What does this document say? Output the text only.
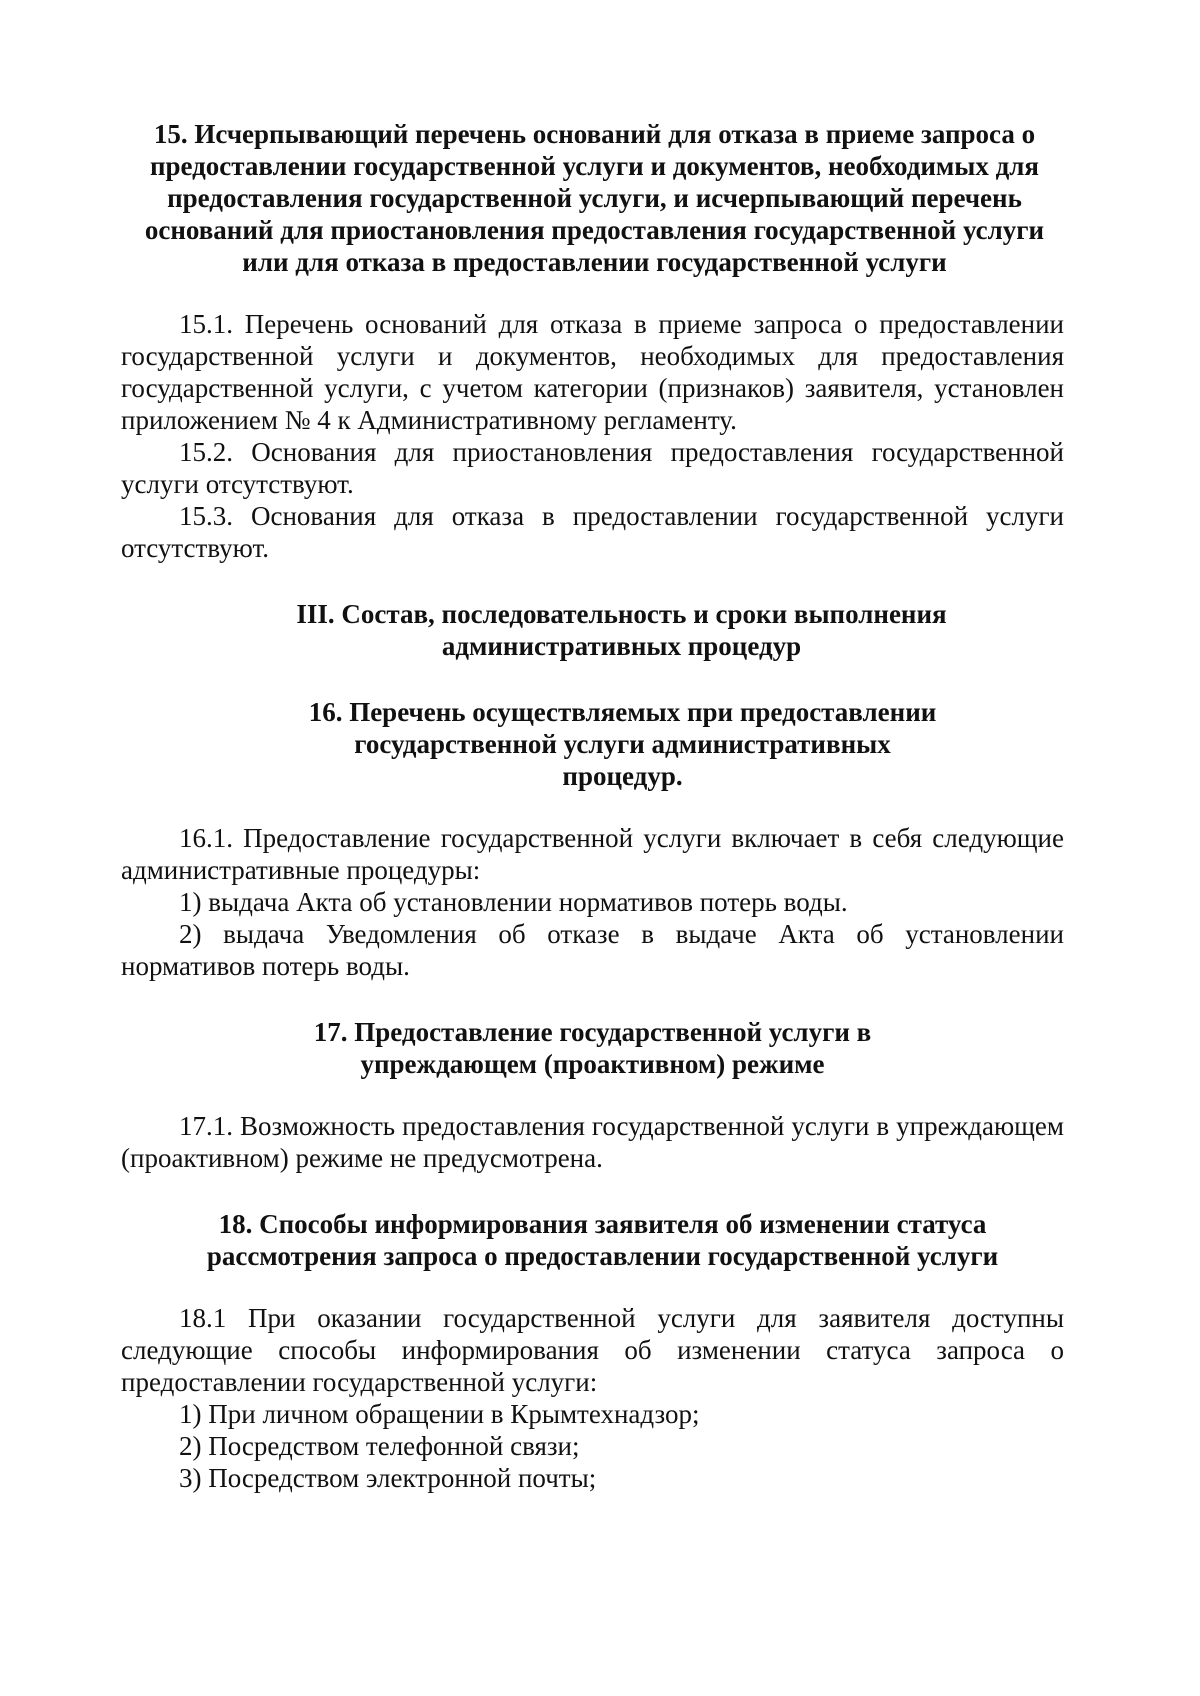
15. Исчерпывающий перечень оснований для отказа в приеме запроса о предоставлении государственной услуги и документов, необходимых для предоставления государственной услуги, и исчерпывающий перечень оснований для приостановления предоставления государственной услуги или для отказа в предоставлении государственной услуги

15.1. Перечень оснований для отказа в приеме запроса о предоставлении государственной услуги и документов, необходимых для предоставления государственной услуги, с учетом категории (признаков) заявителя, установлен приложением № 4 к Административному регламенту.

15.2. Основания для приостановления предоставления государственной услуги отсутствуют.

15.3. Основания для отказа в предоставлении государственной услуги отсутствуют.

III. Состав, последовательность и сроки выполнения административных процедур

16. Перечень осуществляемых при предоставлении государственной услуги административных процедур.

16.1. Предоставление государственной услуги включает в себя следующие административные процедуры:

1) выдача Акта об установлении нормативов потерь воды.

2) выдача Уведомления об отказе в выдаче Акта об установлении нормативов потерь воды.

17. Предоставление государственной услуги в упреждающем (проактивном) режиме

17.1. Возможность предоставления государственной услуги в упреждающем (проактивном) режиме не предусмотрена.

18. Способы информирования заявителя об изменении статуса рассмотрения запроса о предоставлении государственной услуги

18.1 При оказании государственной услуги для заявителя доступны следующие способы информирования об изменении статуса запроса о предоставлении государственной услуги:

1) При личном обращении в Крымтехнадзор;

2) Посредством телефонной связи;

3) Посредством электронной почты;
